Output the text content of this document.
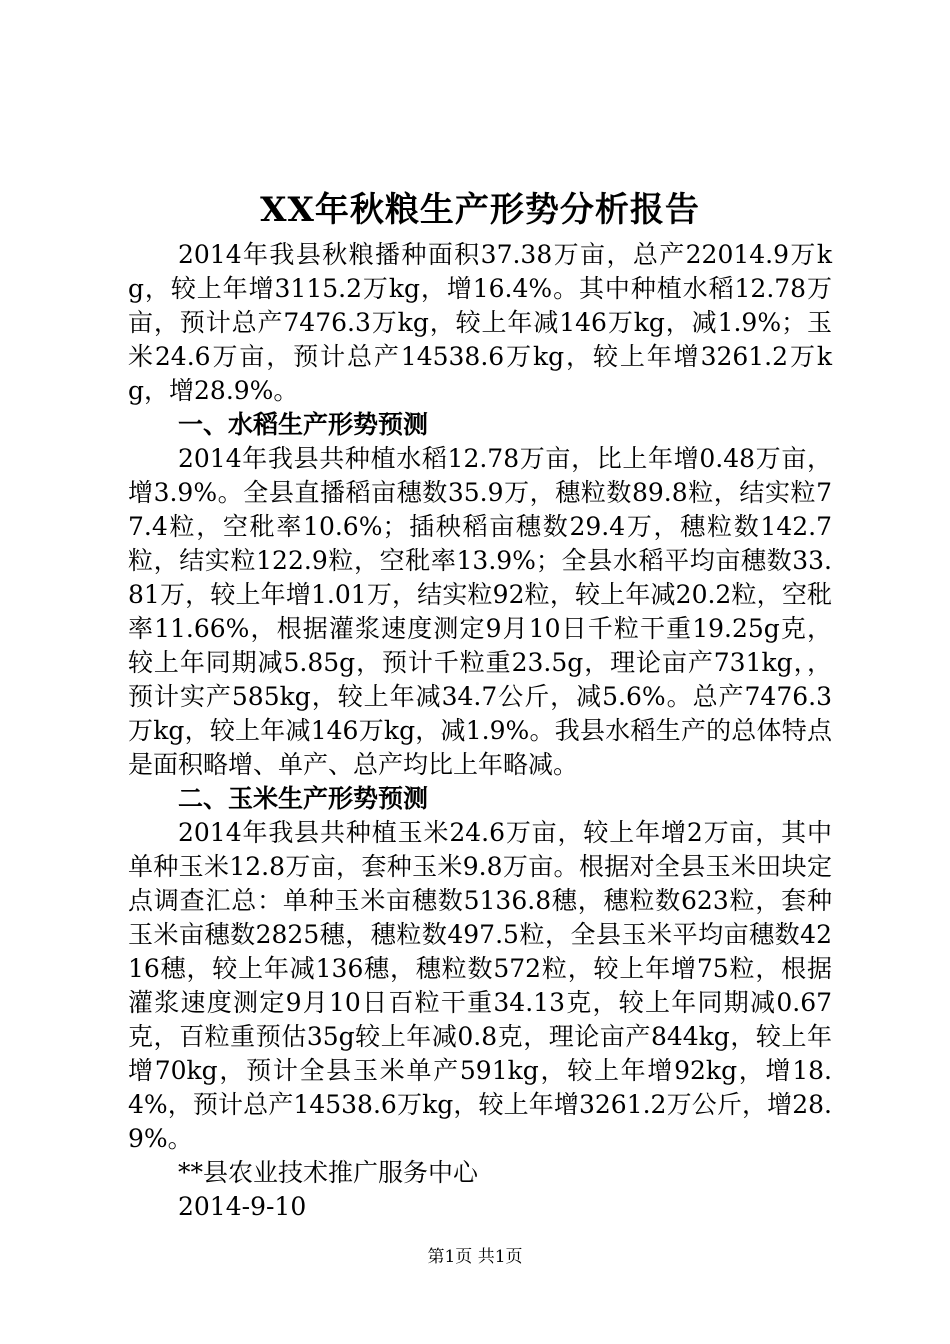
XX年秋粮生产形势分析报告

2014年我县秋粮播种面积37.38万亩，总产22014.9万kg，较上年增3115.2万kg，增16.4%。其中种植水稻12.78万亩，预计总产7476.3万kg，较上年减146万kg，减1.9%；玉米24.6万亩，预计总产14538.6万kg，较上年增3261.2万kg，增28.9%。

一、水稻生产形势预测

2014年我县共种植水稻12.78万亩，比上年增0.48万亩，增3.9%。全县直播稻亩穗数35.9万，穗粒数89.8粒，结实粒77.4粒，空秕率10.6%；插秧稻亩穗数29.4万，穗粒数142.7粒，结实粒122.9粒，空秕率13.9%；全县水稻平均亩穗数33.81万，较上年增1.01万，结实粒92粒，较上年减20.2粒，空秕率11.66%，根据灌浆速度测定9月10日千粒干重19.25g克，较上年同期减5.85g，预计千粒重23.5g，理论亩产731kg，，预计实产585kg，较上年减34.7公斤，减5.6%。总产7476.3万kg，较上年减146万kg，减1.9%。我县水稻生产的总体特点是面积略增、单产、总产均比上年略减。

二、玉米生产形势预测

2014年我县共种植玉米24.6万亩，较上年增2万亩，其中单种玉米12.8万亩，套种玉米9.8万亩。根据对全县玉米田块定点调查汇总：单种玉米亩穗数5136.8穗，穗粒数623粒，套种玉米亩穗数2825穗，穗粒数497.5粒，全县玉米平均亩穗数4216穗，较上年减136穗，穗粒数572粒，较上年增75粒，根据灌浆速度测定9月10日百粒干重34.13克，较上年同期减0.67克，百粒重预估35g较上年减0.8克，理论亩产844kg，较上年增70kg，预计全县玉米单产591kg，较上年增92kg，增18.4%，预计总产14538.6万kg，较上年增3261.2万公斤，增28.9%。

**县农业技术推广服务中心

2014-9-10

第1页 共1页
